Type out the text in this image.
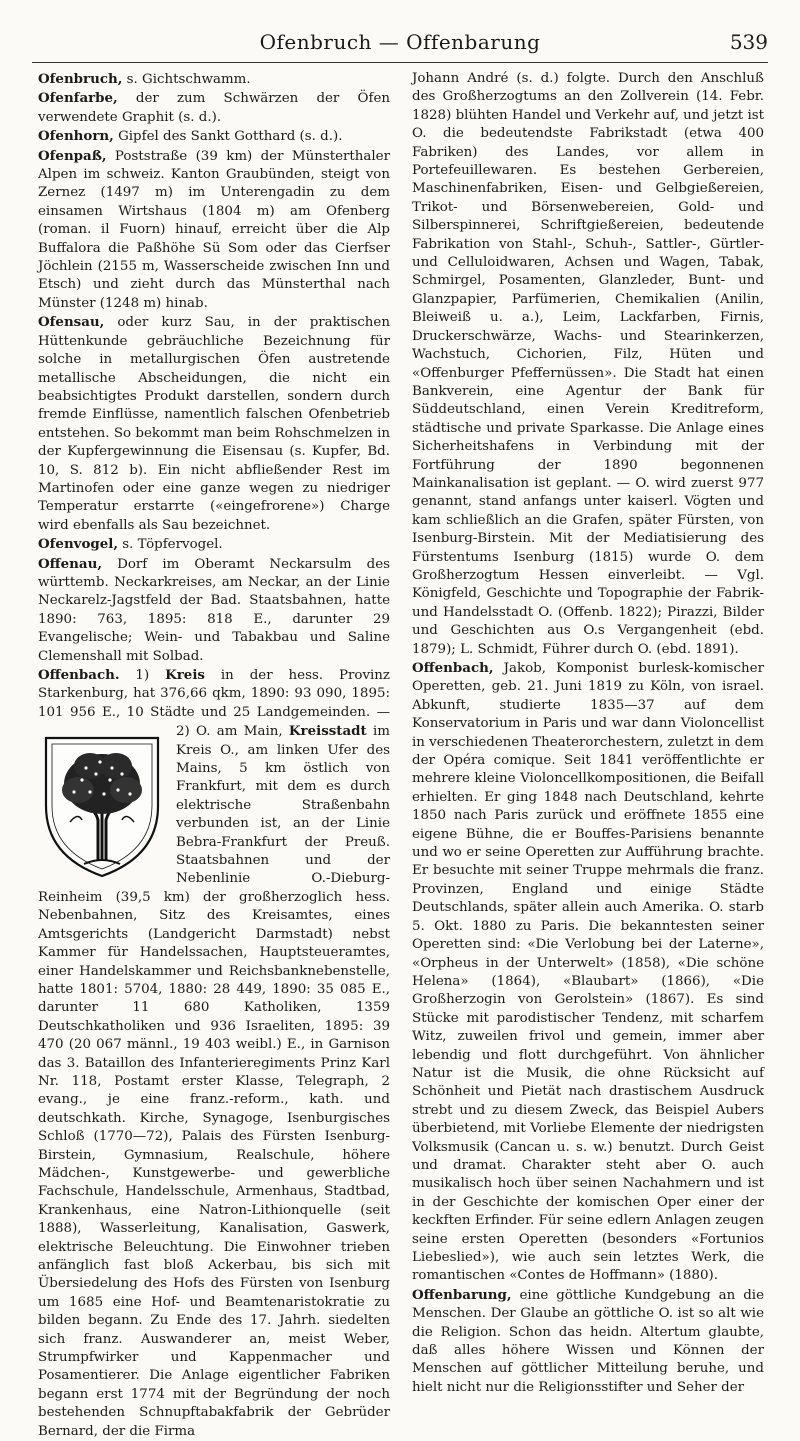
Ofenbruch — Offenbarung	539

Ofenbruch, s. Gichtschwamm.

Ofenfarbe, der zum Schwärzen der Öfen verwendete Graphit (s. d.).

Ofenhorn, Gipfel des Sankt Gotthard (s. d.).

Ofenpaß, Poststraße (39 km) der Münsterthaler Alpen im schweiz. Kanton Graubünden, steigt von Zernez (1497 m) im Unterengadin zu dem einsamen Wirtshaus (1804 m) am Ofenberg (roman. il Fuorn) hinauf, erreicht über die Alp Buffalora die Paßhöhe Sü Som oder das Cierfser Jöchlein (2155 m, Wasserscheide zwischen Inn und Etsch) und zieht durch das Münsterthal nach Münster (1248 m) hinab.

Ofensau, oder kurz Sau, in der praktischen Hüttenkunde gebräuchliche Bezeichnung für solche in metallurgischen Öfen austretende metallische Abscheidungen, die nicht ein beabsichtigtes Produkt darstellen, sondern durch fremde Einflüsse, namentlich falschen Ofenbetrieb entstehen. So bekommt man beim Rohschmelzen in der Kupfergewinnung die Eisensau (s. Kupfer, Bd. 10, S. 812 b). Ein nicht abfließender Rest im Martinofen oder eine ganze wegen zu niedriger Temperatur erstarrte («eingefrorene») Charge wird ebenfalls als Sau bezeichnet.

Ofenvogel, s. Töpfervogel.

Offenau, Dorf im Oberamt Neckarsulm des württemb. Neckarkreises, am Neckar, an der Linie Neckarelz-Jagstfeld der Bad. Staatsbahnen, hatte 1890: 763, 1895: 818 E., darunter 29 Evangelische; Wein- und Tabakbau und Saline Clemenshall mit Solbad.

Offenbach. 1) Kreis in der hess. Provinz Starkenburg, hat 376,66 qkm, 1890: 93 090, 1895: 101 956 E., 10 Städte und 25 Landgemeinden. — 2) O. am Main, Kreisstadt
im Kreis O., am linken Ufer des Mains, 5 km östlich von Frankfurt, mit dem es durch elektrische Straßenbahn verbunden ist, an der Linie Bebra-Frankfurt der Preuß. Staatsbahnen und der Nebenlinie O.-Dieburg-Reinheim (39,5 km) der großherzoglich hess. Nebenbahnen, Sitz des Kreisamtes, eines Amtsgerichts (Landgericht Darmstadt) nebst Kammer für Handelssachen, Hauptsteueramtes, einer Handelskammer und Reichsbanknebenstelle, hatte 1801: 5704, 1880: 28 449, 1890: 35 085 E., darunter 11 680 Katholiken, 1359 Deutschkatholiken und 936 Israeliten, 1895: 39 470 (20 067 männl., 19 403 weibl.) E., in Garnison das 3. Bataillon des Infanterieregiments Prinz Karl Nr. 118, Postamt erster Klasse, Telegraph, 2 evang., je eine franz.-reform., kath. und deutschkath. Kirche, Synagoge, Isenburgisches Schloß (1770—72), Palais des Fürsten Isenburg-Birstein, Gymnasium, Realschule, höhere Mädchen-, Kunstgewerbe- und gewerbliche Fachschule, Handelsschule, Armenhaus, Stadtbad, Krankenhaus, eine Natron-Lithionquelle (seit 1888), Wasserleitung, Kanalisation, Gaswerk, elektrische Beleuchtung. Die Einwohner trieben anfänglich fast bloß Ackerbau, bis sich mit Übersiedelung des Hofs des Fürsten von Isenburg um 1685 eine Hof- und Beamtenaristokratie zu bilden begann. Zu Ende des 17. Jahrh. siedelten sich franz. Auswanderer an, meist Weber, Strumpfwirker und Kappenmacher und Posamentierer. Die Anlage eigentlicher Fabriken begann erst 1774 mit der Begründung der noch bestehenden Schnupftabakfabrik der Gebrüder Bernard, der die Firma

Johann André (s. d.) folgte. Durch den Anschluß des Großherzogtums an den Zollverein (14. Febr. 1828) blühten Handel und Verkehr auf, und jetzt ist O. die bedeutendste Fabrikstadt (etwa 400 Fabriken) des Landes, vor allem in Portefeuillewaren. Es bestehen Gerbereien, Maschinenfabriken, Eisen- und Gelbgießereien, Trikot- und Börsenwebereien, Gold- und Silberspinnerei, Schriftgießereien, bedeutende Fabrikation von Stahl-, Schuh-, Sattler-, Gürtler- und Celluloidwaren, Achsen und Wagen, Tabak, Schmirgel, Posamenten, Glanzleder, Bunt- und Glanzpapier, Parfümerien, Chemikalien (Anilin, Bleiweiß u. a.), Leim, Lackfarben, Firnis, Druckerschwärze, Wachs- und Stearinkerzen, Wachstuch, Cichorien, Filz, Hüten und «Offenburger Pfeffernüssen». Die Stadt hat einen Bankverein, eine Agentur der Bank für Süddeutschland, einen Verein Kreditreform, städtische und private Sparkasse. Die Anlage eines Sicherheitshafens in Verbindung mit der Fortführung der 1890 begonnenen Mainkanalisation ist geplant. — O. wird zuerst 977 genannt, stand anfangs unter kaiserl. Vögten und kam schließlich an die Grafen, später Fürsten, von Isenburg-Birstein. Mit der Mediatisierung des Fürstentums Isenburg (1815) wurde O. dem Großherzogtum Hessen einverleibt. — Vgl. Königfeld, Geschichte und Topographie der Fabrik- und Handelsstadt O. (Offenb. 1822); Pirazzi, Bilder und Geschichten aus O.s Vergangenheit (ebd. 1879); L. Schmidt, Führer durch O. (ebd. 1891).

Offenbach, Jakob, Komponist burlesk-komischer Operetten, geb. 21. Juni 1819 zu Köln, von israel. Abkunft, studierte 1835—37 auf dem Konservatorium in Paris und war dann Violoncellist in verschiedenen Theaterorchestern, zuletzt in dem der Opéra comique. Seit 1841 veröffentlichte er mehrere kleine Violoncellkompositionen, die Beifall erhielten. Er ging 1848 nach Deutschland, kehrte 1850 nach Paris zurück und eröffnete 1855 eine eigene Bühne, die er Bouffes-Parisiens benannte und wo er seine Operetten zur Aufführung brachte. Er besuchte mit seiner Truppe mehrmals die franz. Provinzen, England und einige Städte Deutschlands, später allein auch Amerika. O. starb 5. Okt. 1880 zu Paris. Die bekanntesten seiner Operetten sind: «Die Verlobung bei der Laterne», «Orpheus in der Unterwelt» (1858), «Die schöne Helena» (1864), «Blaubart» (1866), «Die Großherzogin von Gerolstein» (1867). Es sind Stücke mit parodistischer Tendenz, mit scharfem Witz, zuweilen frivol und gemein, immer aber lebendig und flott durchgeführt. Von ähnlicher Natur ist die Musik, die ohne Rücksicht auf Schönheit und Pietät nach drastischem Ausdruck strebt und zu diesem Zweck, das Beispiel Aubers überbietend, mit Vorliebe Elemente der niedrigsten Volksmusik (Cancan u. s. w.) benutzt. Durch Geist und dramat. Charakter steht aber O. auch musikalisch hoch über seinen Nachahmern und ist in der Geschichte der komischen Oper einer der keckften Erfinder. Für seine edlern Anlagen zeugen seine ersten Operetten (besonders «Fortunios Liebeslied»), wie auch sein letztes Werk, die romantischen «Contes de Hoffmann» (1880).

Offenbarung, eine göttliche Kundgebung an die Menschen. Der Glaube an göttliche O. ist so alt wie die Religion. Schon das heidn. Altertum glaubte, daß alles höhere Wissen und Können der Menschen auf göttlicher Mitteilung beruhe, und hielt nicht nur die Religionsstifter und Seher der
